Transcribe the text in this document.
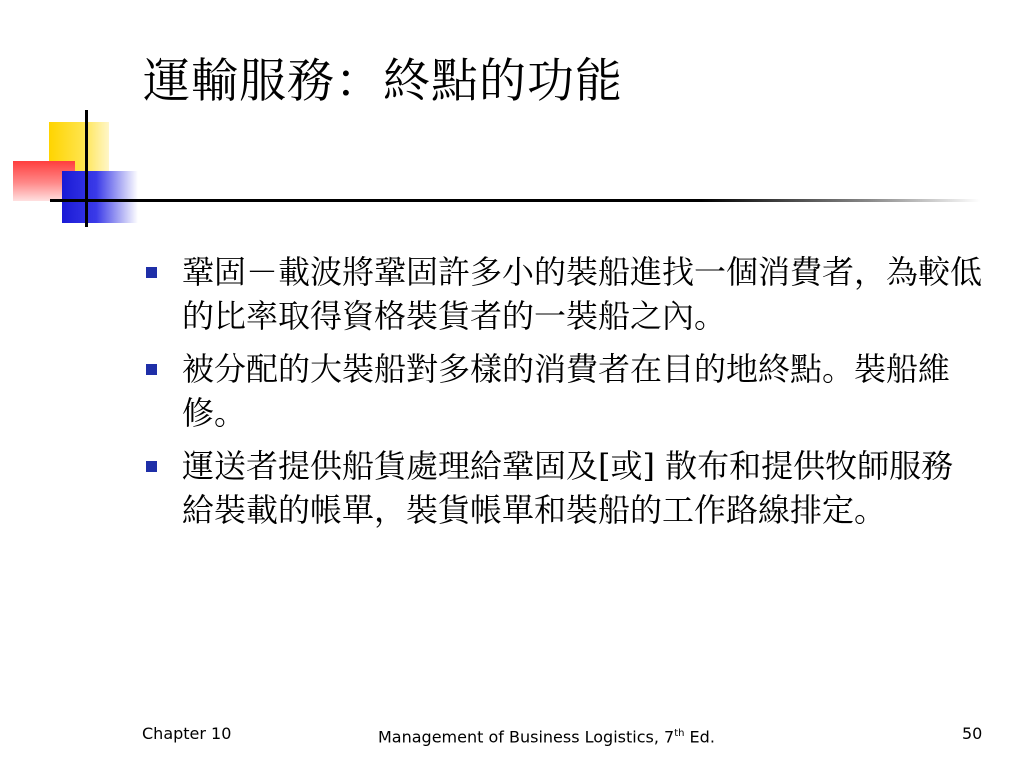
運輸服務：終點的功能
鞏固－載波將鞏固許多小的裝船進找一個消費者，為較低的比率取得資格裝貨者的一裝船之內。
被分配的大裝船對多樣的消費者在目的地終點。裝船維修。
運送者提供船貨處理給鞏固及[或] 散布和提供牧師服務給裝載的帳單，裝貨帳單和裝船的工作路線排定。
Chapter 10	Management of Business Logistics, 7th Ed.	50
